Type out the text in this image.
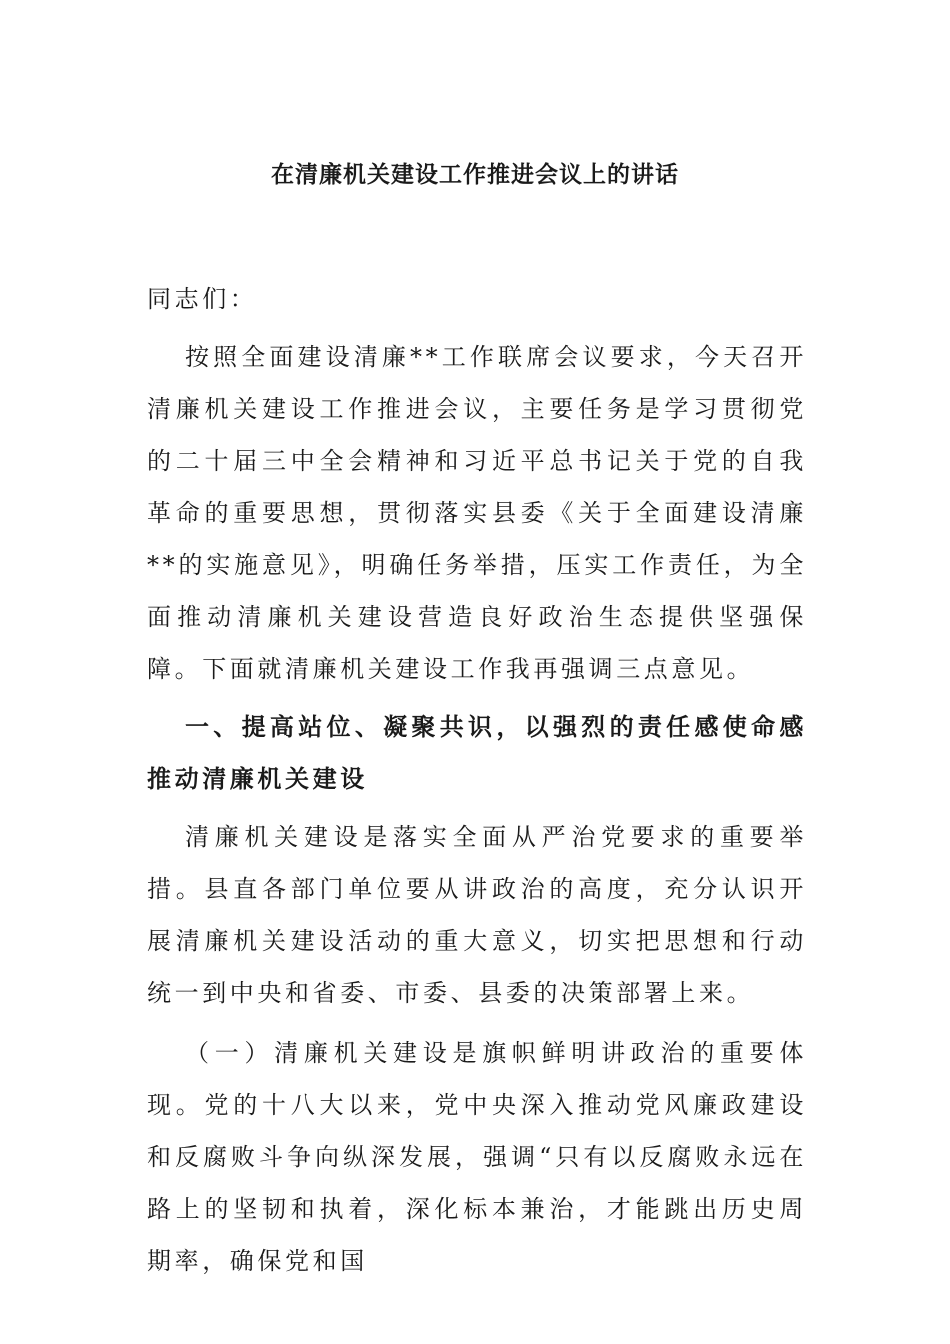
在清廉机关建设工作推进会议上的讲话

同志们：

按照全面建设清廉**工作联席会议要求，今天召开清廉机关建设工作推进会议，主要任务是学习贯彻党的二十届三中全会精神和习近平总书记关于党的自我革命的重要思想，贯彻落实县委《关于全面建设清廉**的实施意见》，明确任务举措，压实工作责任，为全面推动清廉机关建设营造良好政治生态提供坚强保障。下面就清廉机关建设工作我再强调三点意见。

一、提高站位、凝聚共识，以强烈的责任感使命感推动清廉机关建设

清廉机关建设是落实全面从严治党要求的重要举措。县直各部门单位要从讲政治的高度，充分认识开展清廉机关建设活动的重大意义，切实把思想和行动统一到中央和省委、市委、县委的决策部署上来。

（一）清廉机关建设是旗帜鲜明讲政治的重要体现。党的十八大以来，党中央深入推动党风廉政建设和反腐败斗争向纵深发展，强调“只有以反腐败永远在路上的坚韧和执着，深化标本兼治，才能跳出历史周期率，确保党和国
